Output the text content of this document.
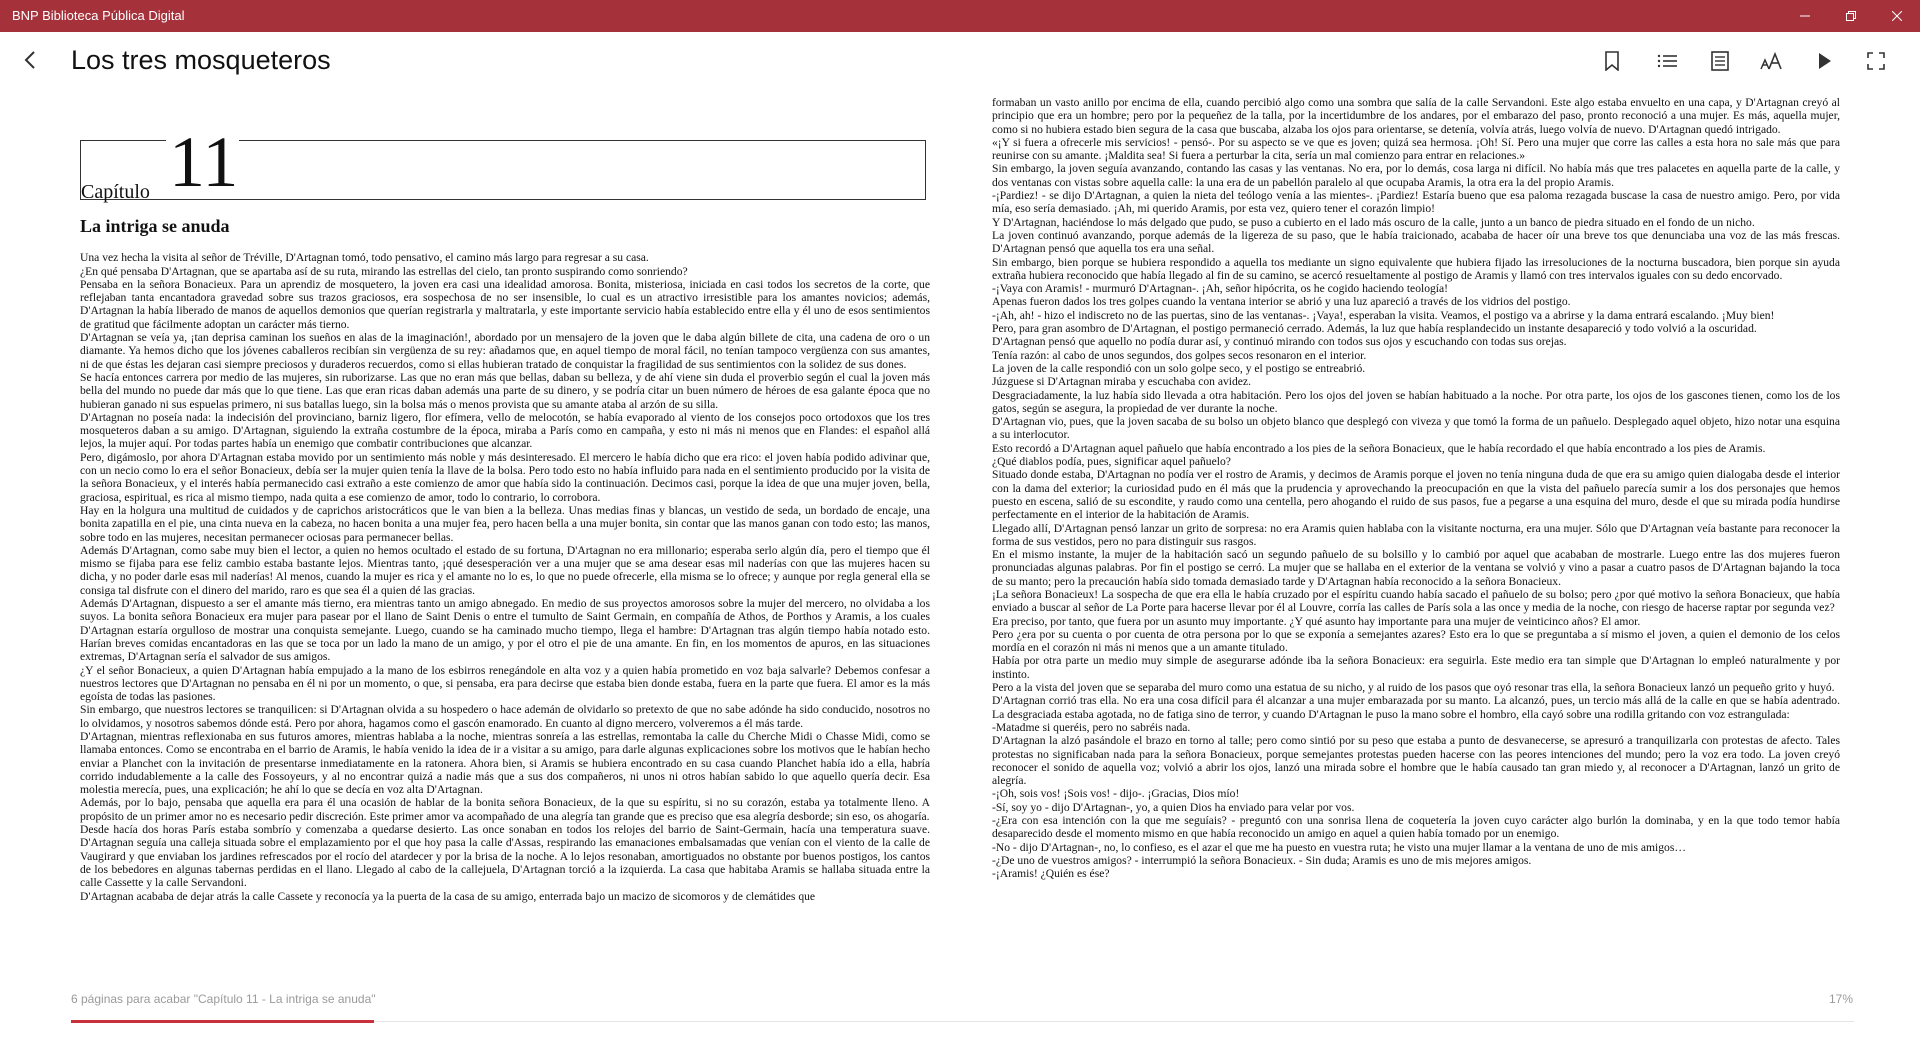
BNP Biblioteca Pública Digital
Los tres mosqueteros
Capítulo 11
La intriga se anuda

Una vez hecha la visita al señor de Tréville, D'Artagnan tomó, todo pensativo, el camino más largo para regresar a su casa.

¿En qué pensaba D'Artagnan, que se apartaba así de su ruta, mirando las estrellas del cielo, tan pronto suspirando como sonriendo?

Pensaba en la señora Bonacieux. Para un aprendiz de mosquetero, la joven era casi una idealidad amorosa. Bonita, misteriosa, iniciada en casi todos los secretos de la corte, que reflejaban tanta encantadora gravedad sobre sus trazos graciosos, era sospechosa de no ser insensible, lo cual es un atractivo irresistible para los amantes novicios; además, D'Artagnan la había liberado de manos de aquellos demonios que querían registrarla y maltratarla, y este importante servicio había establecido entre ella y él uno de esos sentimientos de gratitud que fácilmente adoptan un carácter más tierno.

D'Artagnan se veía ya, ¡tan deprisa caminan los sueños en alas de la imaginación!, abordado por un mensajero de la joven que le daba algún billete de cita, una cadena de oro o un diamante. Ya hemos dicho que los jóvenes caballeros recibían sin vergüenza de su rey: añadamos que, en aquel tiempo de moral fácil, no tenían tampoco vergüenza con sus amantes, ni de que éstas les dejaran casi siempre preciosos y duraderos recuerdos, como si ellas hubieran tratado de conquistar la fragilidad de sus sentimientos con la solidez de sus dones.

Se hacía entonces carrera por medio de las mujeres, sin ruborizarse. Las que no eran más que bellas, daban su belleza, y de ahí viene sin duda el proverbio según el cual la joven más bella del mundo no puede dar más que lo que tiene. Las que eran ricas daban además una parte de su dinero, y se podría citar un buen número de héroes de esa galante época que no hubieran ganado ni sus espuelas primero, ni sus batallas luego, sin la bolsa más o menos provista que su amante ataba al arzón de su silla.

D'Artagnan no poseía nada: la indecisión del provinciano, barniz ligero, flor efímera, vello de melocotón, se había evaporado al viento de los consejos poco ortodoxos que los tres mosqueteros daban a su amigo. D'Artagnan, siguiendo la extraña costumbre de la época, miraba a París como en campaña, y esto ni más ni menos que en Flandes: el español allá lejos, la mujer aquí. Por todas partes había un enemigo que combatir contribuciones que alcanzar.

Pero, digámoslo, por ahora D'Artagnan estaba movido por un sentimiento más noble y más desinteresado. El mercero le había dicho que era rico: el joven había podido adivinar que, con un necio como lo era el señor Bonacieux, debía ser la mujer quien tenía la llave de la bolsa. Pero todo esto no había influido para nada en el sentimiento producido por la visita de la señora Bonacieux, y el interés había permanecido casi extraño a este comienzo de amor que había sido la continuación. Decimos casi, porque la idea de que una mujer joven, bella, graciosa, espiritual, es rica al mismo tiempo, nada quita a ese comienzo de amor, todo lo contrario, lo corrobora.

Hay en la holgura una multitud de cuidados y de caprichos aristocráticos que le van bien a la belleza. Unas medias finas y blancas, un vestido de seda, un bordado de encaje, una bonita zapatilla en el pie, una cinta nueva en la cabeza, no hacen bonita a una mujer fea, pero hacen bella a una mujer bonita, sin contar que las manos ganan con todo esto; las manos, sobre todo en las mujeres, necesitan permanecer ociosas para permanecer bellas.

Además D'Artagnan, como sabe muy bien el lector, a quien no hemos ocultado el estado de su fortuna, D'Artagnan no era millonario; esperaba serlo algún día, pero el tiempo que él mismo se fijaba para ese feliz cambio estaba bastante lejos. Mientras tanto, ¡qué desesperación ver a una mujer que se ama desear esas mil naderías con que las mujeres hacen su dicha, y no poder darle esas mil naderías! Al menos, cuando la mujer es rica y el amante no lo es, lo que no puede ofrecerle, ella misma se lo ofrece; y aunque por regla general ella se consiga tal disfrute con el dinero del marido, raro es que sea él a quien dé las gracias.

Además D'Artagnan, dispuesto a ser el amante más tierno, era mientras tanto un amigo abnegado. En medio de sus proyectos amorosos sobre la mujer del mercero, no olvidaba a los suyos. La bonita señora Bonacieux era mujer para pasear por el llano de Saint Denis o entre el tumulto de Saint Germain, en compañía de Athos, de Porthos y Aramis, a los cuales D'Artagnan estaría orgulloso de mostrar una conquista semejante. Luego, cuando se ha caminado mucho tiempo, llega el hambre: D'Artagnan tras algún tiempo había notado esto. Harían breves comidas encantadoras en las que se toca por un lado la mano de un amigo, y por el otro el pie de una amante. En fin, en los momentos de apuros, en las situaciones extremas, D'Artagnan sería el salvador de sus amigos.

¿Y el señor Bonacieux, a quien D'Artagnan había empujado a la mano de los esbirros renegándole en alta voz y a quien había prometido en voz baja salvarle? Debemos confesar a nuestros lectores que D'Artagnan no pensaba en él ni por un momento, o que, si pensaba, era para decirse que estaba bien donde estaba, fuera en la parte que fuera. El amor es la más egoísta de todas las pasiones.

Sin embargo, que nuestros lectores se tranquilicen: si D'Artagnan olvida a su hospedero o hace ademán de olvidarlo so pretexto de que no sabe adónde ha sido conducido, nosotros no lo olvidamos, y nosotros sabemos dónde está. Pero por ahora, hagamos como el gascón enamorado. En cuanto al digno mercero, volveremos a él más tarde.

D'Artagnan, mientras reflexionaba en sus futuros amores, mientras hablaba a la noche, mientras sonreía a las estrellas, remontaba la calle du Cherche Midi o Chasse Midi, como se llamaba entonces. Como se encontraba en el barrio de Aramis, le había venido la idea de ir a visitar a su amigo, para darle algunas explicaciones sobre los motivos que le habían hecho enviar a Planchet con la invitación de presentarse inmediatamente en la ratonera. Ahora bien, si Aramis se hubiera encontrado en su casa cuando Planchet había ido a ella, habría corrido indudablemente a la calle des Fossoyeurs, y al no encontrar quizá a nadie más que a sus dos compañeros, ni unos ni otros habían sabido lo que aquello quería decir. Esa molestia merecía, pues, una explicación; he ahí lo que se decía en voz alta D'Artagnan.

Además, por lo bajo, pensaba que aquella era para él una ocasión de hablar de la bonita señora Bonacieux, de la que su espíritu, si no su corazón, estaba ya totalmente lleno. A propósito de un primer amor no es necesario pedir discreción. Este primer amor va acompañado de una alegría tan grande que es preciso que esa alegría desborde; sin eso, os ahogaría.

Desde hacía dos horas París estaba sombrío y comenzaba a quedarse desierto. Las once sonaban en todos los relojes del barrio de Saint-Germain, hacía una temperatura suave. D'Artagnan seguía una calleja situada sobre el emplazamiento por el que hoy pasa la calle d'Assas, respirando las emanaciones embalsamadas que venían con el viento de la calle de Vaugirard y que enviaban los jardines refrescados por el rocío del atardecer y por la brisa de la noche. A lo lejos resonaban, amortiguados no obstante por buenos postigos, los cantos de los bebedores en algunas tabernas perdidas en el llano. Llegado al cabo de la callejuela, D'Artagnan torció a la izquierda. La casa que habitaba Aramis se hallaba situada entre la calle Cassette y la calle Servandoni.

D'Artagnan acababa de dejar atrás la calle Cassete y reconocía ya la puerta de la casa de su amigo, enterrada bajo un macizo de sicomoros y de clemátides que

formaban un vasto anillo por encima de ella, cuando percibió algo como una sombra que salía de la calle Servandoni. Este algo estaba envuelto en una capa, y D'Artagnan creyó al principio que era un hombre; pero por la pequeñez de la talla, por la incertidumbre de los andares, por el embarazo del paso, pronto reconoció a una mujer. Es más, aquella mujer, como si no hubiera estado bien segura de la casa que buscaba, alzaba los ojos para orientarse, se detenía, volvía atrás, luego volvía de nuevo. D'Artagnan quedó intrigado.

«¡Y si fuera a ofrecerle mis servicios! - pensó-. Por su aspecto se ve que es joven; quizá sea hermosa. ¡Oh! Sí. Pero una mujer que corre las calles a esta hora no sale más que para reunirse con su amante. ¡Maldita sea! Si fuera a perturbar la cita, sería un mal comienzo para entrar en relaciones.»

Sin embargo, la joven seguía avanzando, contando las casas y las ventanas. No era, por lo demás, cosa larga ni difícil. No había más que tres palacetes en aquella parte de la calle, y dos ventanas con vistas sobre aquella calle: la una era de un pabellón paralelo al que ocupaba Aramis, la otra era la del propio Aramis.

-¡Pardiez! - se dijo D'Artagnan, a quien la nieta del teólogo venía a las mientes-. ¡Pardiez! Estaría bueno que esa paloma rezagada buscase la casa de nuestro amigo. Pero, por vida mía, eso sería demasiado. ¡Ah, mi querido Aramis, por esta vez, quiero tener el corazón limpio!

Y D'Artagnan, haciéndose lo más delgado que pudo, se puso a cubierto en el lado más oscuro de la calle, junto a un banco de piedra situado en el fondo de un nicho.

La joven continuó avanzando, porque además de la ligereza de su paso, que le había traicionado, acababa de hacer oír una breve tos que denunciaba una voz de las más frescas. D'Artagnan pensó que aquella tos era una señal.

Sin embargo, bien porque se hubiera respondido a aquella tos mediante un signo equivalente que hubiera fijado las irresoluciones de la nocturna buscadora, bien porque sin ayuda extraña hubiera reconocido que había llegado al fin de su camino, se acercó resueltamente al postigo de Aramis y llamó con tres intervalos iguales con su dedo encorvado.

-¡Vaya con Aramis! - murmuró D'Artagnan-. ¡Ah, señor hipócrita, os he cogido haciendo teología!

Apenas fueron dados los tres golpes cuando la ventana interior se abrió y una luz apareció a través de los vidrios del postigo.

-¡Ah, ah! - hizo el indiscreto no de las puertas, sino de las ventanas-. ¡Vaya!, esperaban la visita. Veamos, el postigo va a abrirse y la dama entrará escalando. ¡Muy bien!

Pero, para gran asombro de D'Artagnan, el postigo permaneció cerrado. Además, la luz que había resplandecido un instante desapareció y todo volvió a la oscuridad.

D'Artagnan pensó que aquello no podía durar así, y continuó mirando con todos sus ojos y escuchando con todas sus orejas.

Tenía razón: al cabo de unos segundos, dos golpes secos resonaron en el interior.

La joven de la calle respondió con un solo golpe seco, y el postigo se entreabrió.

Júzguese si D'Artagnan miraba y escuchaba con avidez.

Desgraciadamente, la luz había sido llevada a otra habitación. Pero los ojos del joven se habían habituado a la noche. Por otra parte, los ojos de los gascones tienen, como los de los gatos, según se asegura, la propiedad de ver durante la noche.

D'Artagnan vio, pues, que la joven sacaba de su bolso un objeto blanco que desplegó con viveza y que tomó la forma de un pañuelo. Desplegado aquel objeto, hizo notar una esquina a su interlocutor.

Esto recordó a D'Artagnan aquel pañuelo que había encontrado a los pies de la señora Bonacieux, que le había recordado el que había encontrado a los pies de Aramis.

¿Qué diablos podía, pues, significar aquel pañuelo?

Situado donde estaba, D'Artagnan no podía ver el rostro de Aramis, y decimos de Aramis porque el joven no tenía ninguna duda de que era su amigo quien dialogaba desde el interior con la dama del exterior; la curiosidad pudo en él más que la prudencia y aprovechando la preocupación en que la vista del pañuelo parecía sumir a los dos personajes que hemos puesto en escena, salió de su escondite, y raudo como una centella, pero ahogando el ruido de sus pasos, fue a pegarse a una esquina del muro, desde el que su mirada podía hundirse perfectamente en el interior de la habitación de Aramis.

Llegado allí, D'Artagnan pensó lanzar un grito de sorpresa: no era Aramis quien hablaba con la visitante nocturna, era una mujer. Sólo que D'Artagnan veía bastante para reconocer la forma de sus vestidos, pero no para distinguir sus rasgos.

En el mismo instante, la mujer de la habitación sacó un segundo pañuelo de su bolsillo y lo cambió por aquel que acababan de mostrarle. Luego entre las dos mujeres fueron pronunciadas algunas palabras. Por fin el postigo se cerró. La mujer que se hallaba en el exterior de la ventana se volvió y vino a pasar a cuatro pasos de D'Artagnan bajando la toca de su manto; pero la precaución había sido tomada demasiado tarde y D'Artagnan había reconocido a la señora Bonacieux.

¡La señora Bonacieux! La sospecha de que era ella le había cruzado por el espíritu cuando había sacado el pañuelo de su bolso; pero ¿por qué motivo la señora Bonacieux, que había enviado a buscar al señor de La Porte para hacerse llevar por él al Louvre, corría las calles de París sola a las once y media de la noche, con riesgo de hacerse raptar por segunda vez?

Era preciso, por tanto, que fuera por un asunto muy importante. ¿Y qué asunto hay importante para una mujer de veinticinco años? El amor.

Pero ¿era por su cuenta o por cuenta de otra persona por lo que se exponía a semejantes azares? Esto era lo que se preguntaba a sí mismo el joven, a quien el demonio de los celos mordía en el corazón ni más ni menos que a un amante titulado.

Había por otra parte un medio muy simple de asegurarse adónde iba la señora Bonacieux: era seguirla. Este medio era tan simple que D'Artagnan lo empleó naturalmente y por instinto.

Pero a la vista del joven que se separaba del muro como una estatua de su nicho, y al ruido de los pasos que oyó resonar tras ella, la señora Bonacieux lanzó un pequeño grito y huyó.

D'Artagnan corrió tras ella. No era una cosa difícil para él alcanzar a una mujer embarazada por su manto. La alcanzó, pues, un tercio más allá de la calle en que se había adentrado. La desgraciada estaba agotada, no de fatiga sino de terror, y cuando D'Artagnan le puso la mano sobre el hombro, ella cayó sobre una rodilla gritando con voz estrangulada:

-Matadme si queréis, pero no sabréis nada.

D'Artagnan la alzó pasándole el brazo en torno al talle; pero como sintió por su peso que estaba a punto de desvanecerse, se apresuró a tranquilizarla con protestas de afecto. Tales protestas no significaban nada para la señora Bonacieux, porque semejantes protestas pueden hacerse con las peores intenciones del mundo; pero la voz era todo. La joven creyó reconocer el sonido de aquella voz; volvió a abrir los ojos, lanzó una mirada sobre el hombre que le había causado tan gran miedo y, al reconocer a D'Artagnan, lanzó un grito de alegría.

-¡Oh, sois vos! ¡Sois vos! - dijo-. ¡Gracias, Dios mío!

-Sí, soy yo - dijo D'Artagnan-, yo, a quien Dios ha enviado para velar por vos.

-¿Era con esa intención con la que me seguíais? - preguntó con una sonrisa llena de coquetería la joven cuyo carácter algo burlón la dominaba, y en la que todo temor había desaparecido desde el momento mismo en que había reconocido un amigo en aquel a quien había tomado por un enemigo.

-No - dijo D'Artagnan-, no, lo confieso, es el azar el que me ha puesto en vuestra ruta; he visto una mujer llamar a la ventana de uno de mis amigos…

-¿De uno de vuestros amigos? - interrumpió la señora Bonacieux. - Sin duda; Aramis es uno de mis mejores amigos.

-¡Aramis! ¿Quién es ése?

6 páginas para acabar "Capítulo 11 - La intriga se anuda"	17%
